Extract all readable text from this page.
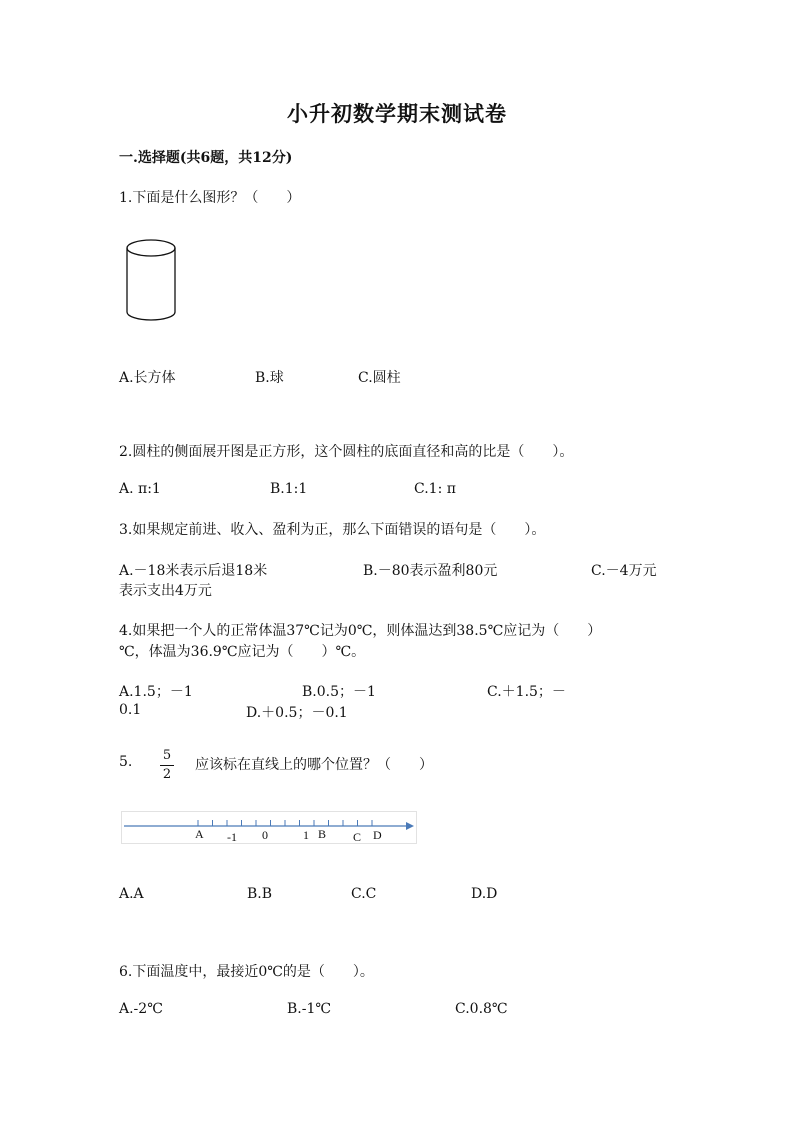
小升初数学期末测试卷
一.选择题(共6题，共12分)
1.下面是什么图形？（　　）
A.长方体	B.球	C.圆柱
2.圆柱的侧面展开图是正方形，这个圆柱的底面直径和高的比是（　　）。
A. π:1	B.1:1	C.1: π
3.如果规定前进、收入、盈利为正，那么下面错误的语句是（　　）。
A.－18米表示后退18米	B.－80表示盈利80元	C.－4万元
表示支出4万元
4.如果把一个人的正常体温37℃记为0℃，则体温达到38.5℃应记为（　　）
℃，体温为36.9℃应记为（　　）℃。
A.1.5；－1	B.0.5；－1	C.＋1.5；－
0.1	D.＋0.5；－0.1
5. 5
2
应该标在直线上的哪个位置？（　　）
A -1 0	1 B C D
A.A	B.B	C.C	D.D
6.下面温度中，最接近0℃的是（　　）。
A.-2℃	B.-1℃	C.0.8℃
